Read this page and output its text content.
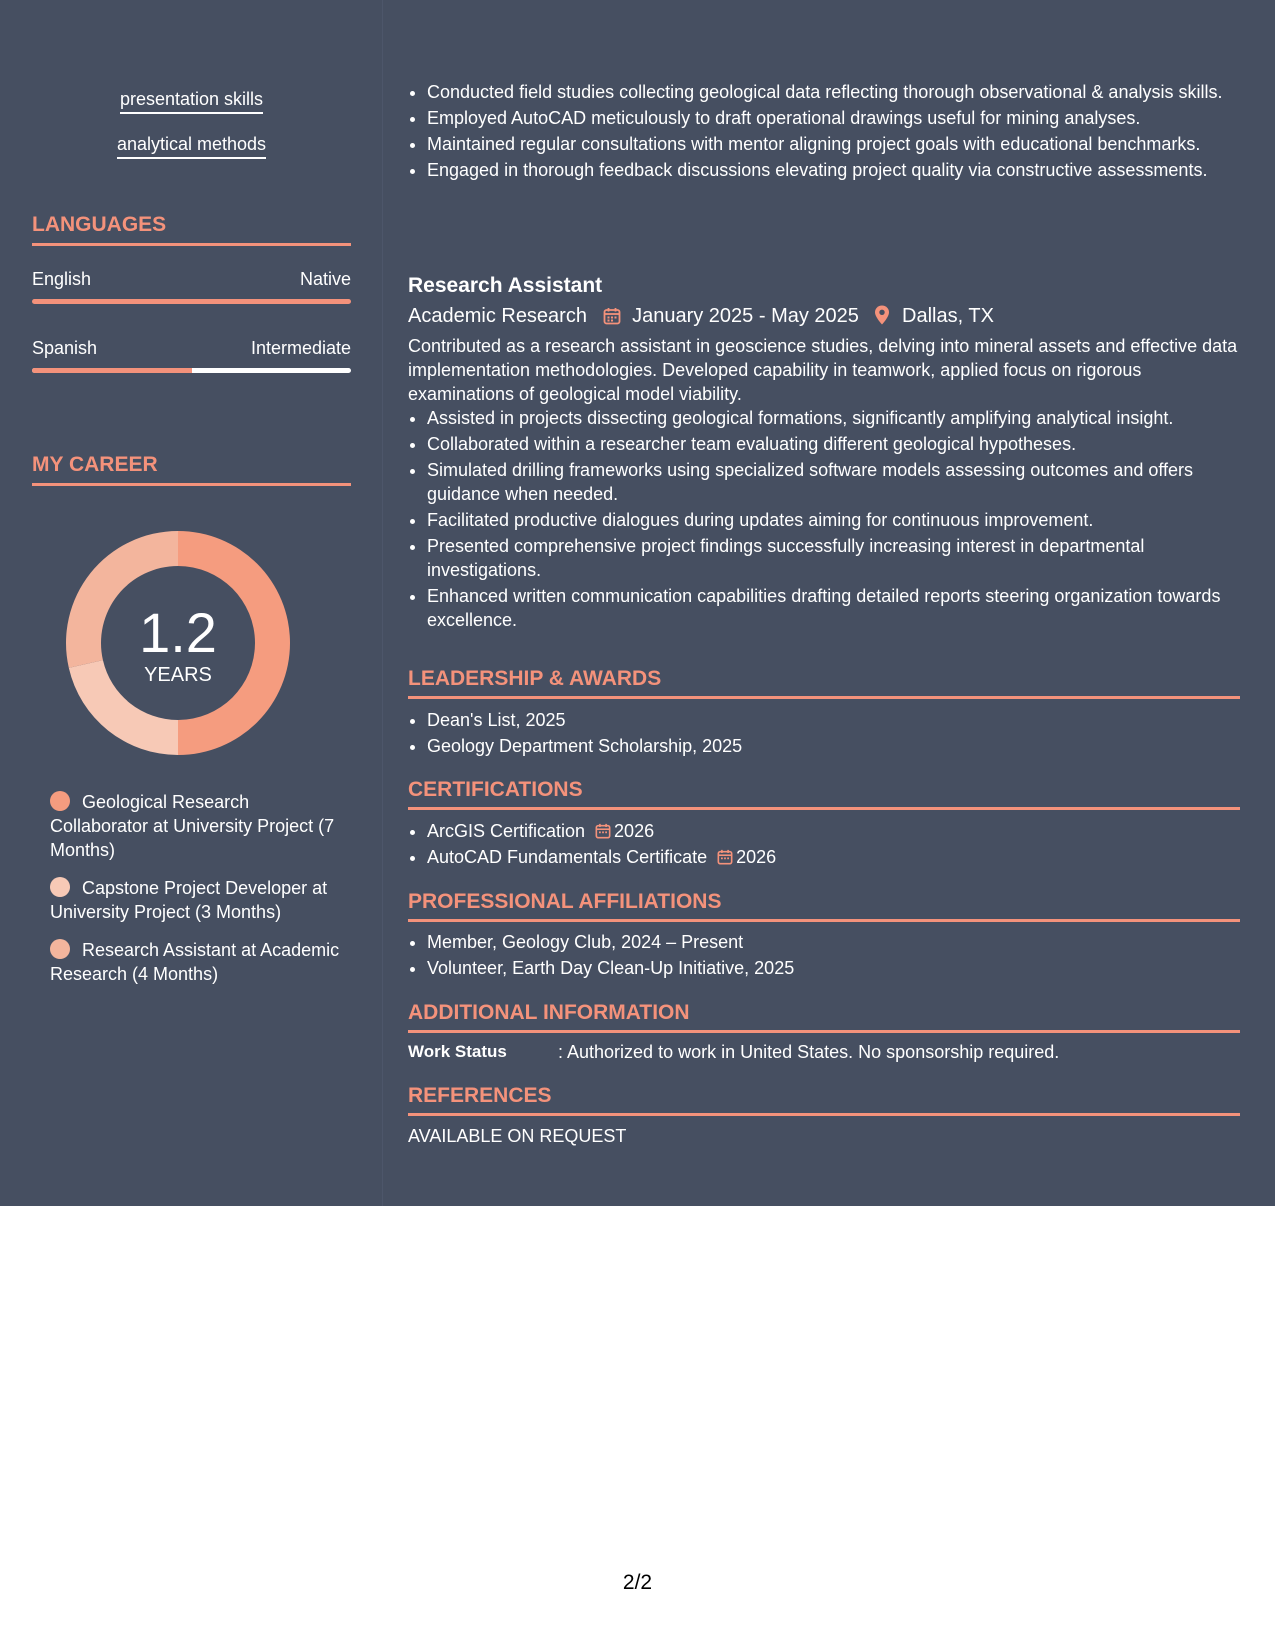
presentation skills
analytical methods
LANGUAGES
English	Native
Spanish	Intermediate
MY CAREER
1.2
YEARS
Geological Research Collaborator at University Project (7 Months)
Capstone Project Developer at University Project (3 Months)
Research Assistant at Academic Research (4 Months)
• Conducted field studies collecting geological data reflecting thorough observational & analysis skills.
• Employed AutoCAD meticulously to draft operational drawings useful for mining analyses.
• Maintained regular consultations with mentor aligning project goals with educational benchmarks.
• Engaged in thorough feedback discussions elevating project quality via constructive assessments.
Research Assistant
Academic Research January 2025 - May 2025 Dallas, TX

Contributed as a research assistant in geoscience studies, delving into mineral assets and effective data implementation methodologies. Developed capability in teamwork, applied focus on rigorous examinations of geological model viability.

• Assisted in projects dissecting geological formations, significantly amplifying analytical insight.
• Collaborated within a researcher team evaluating different geological hypotheses.
• Simulated drilling frameworks using specialized software models assessing outcomes and offers guidance when needed.
• Facilitated productive dialogues during updates aiming for continuous improvement.
• Presented comprehensive project findings successfully increasing interest in departmental investigations.
• Enhanced written communication capabilities drafting detailed reports steering organization towards excellence.
LEADERSHIP & AWARDS
• Dean's List, 2025
• Geology Department Scholarship, 2025
CERTIFICATIONS
• ArcGIS Certification 2026
• AutoCAD Fundamentals Certificate 2026
PROFESSIONAL AFFILIATIONS
• Member, Geology Club, 2024 – Present
• Volunteer, Earth Day Clean-Up Initiative, 2025
ADDITIONAL INFORMATION
Work Status	: Authorized to work in United States. No sponsorship required.
REFERENCES
AVAILABLE ON REQUEST
2/2
